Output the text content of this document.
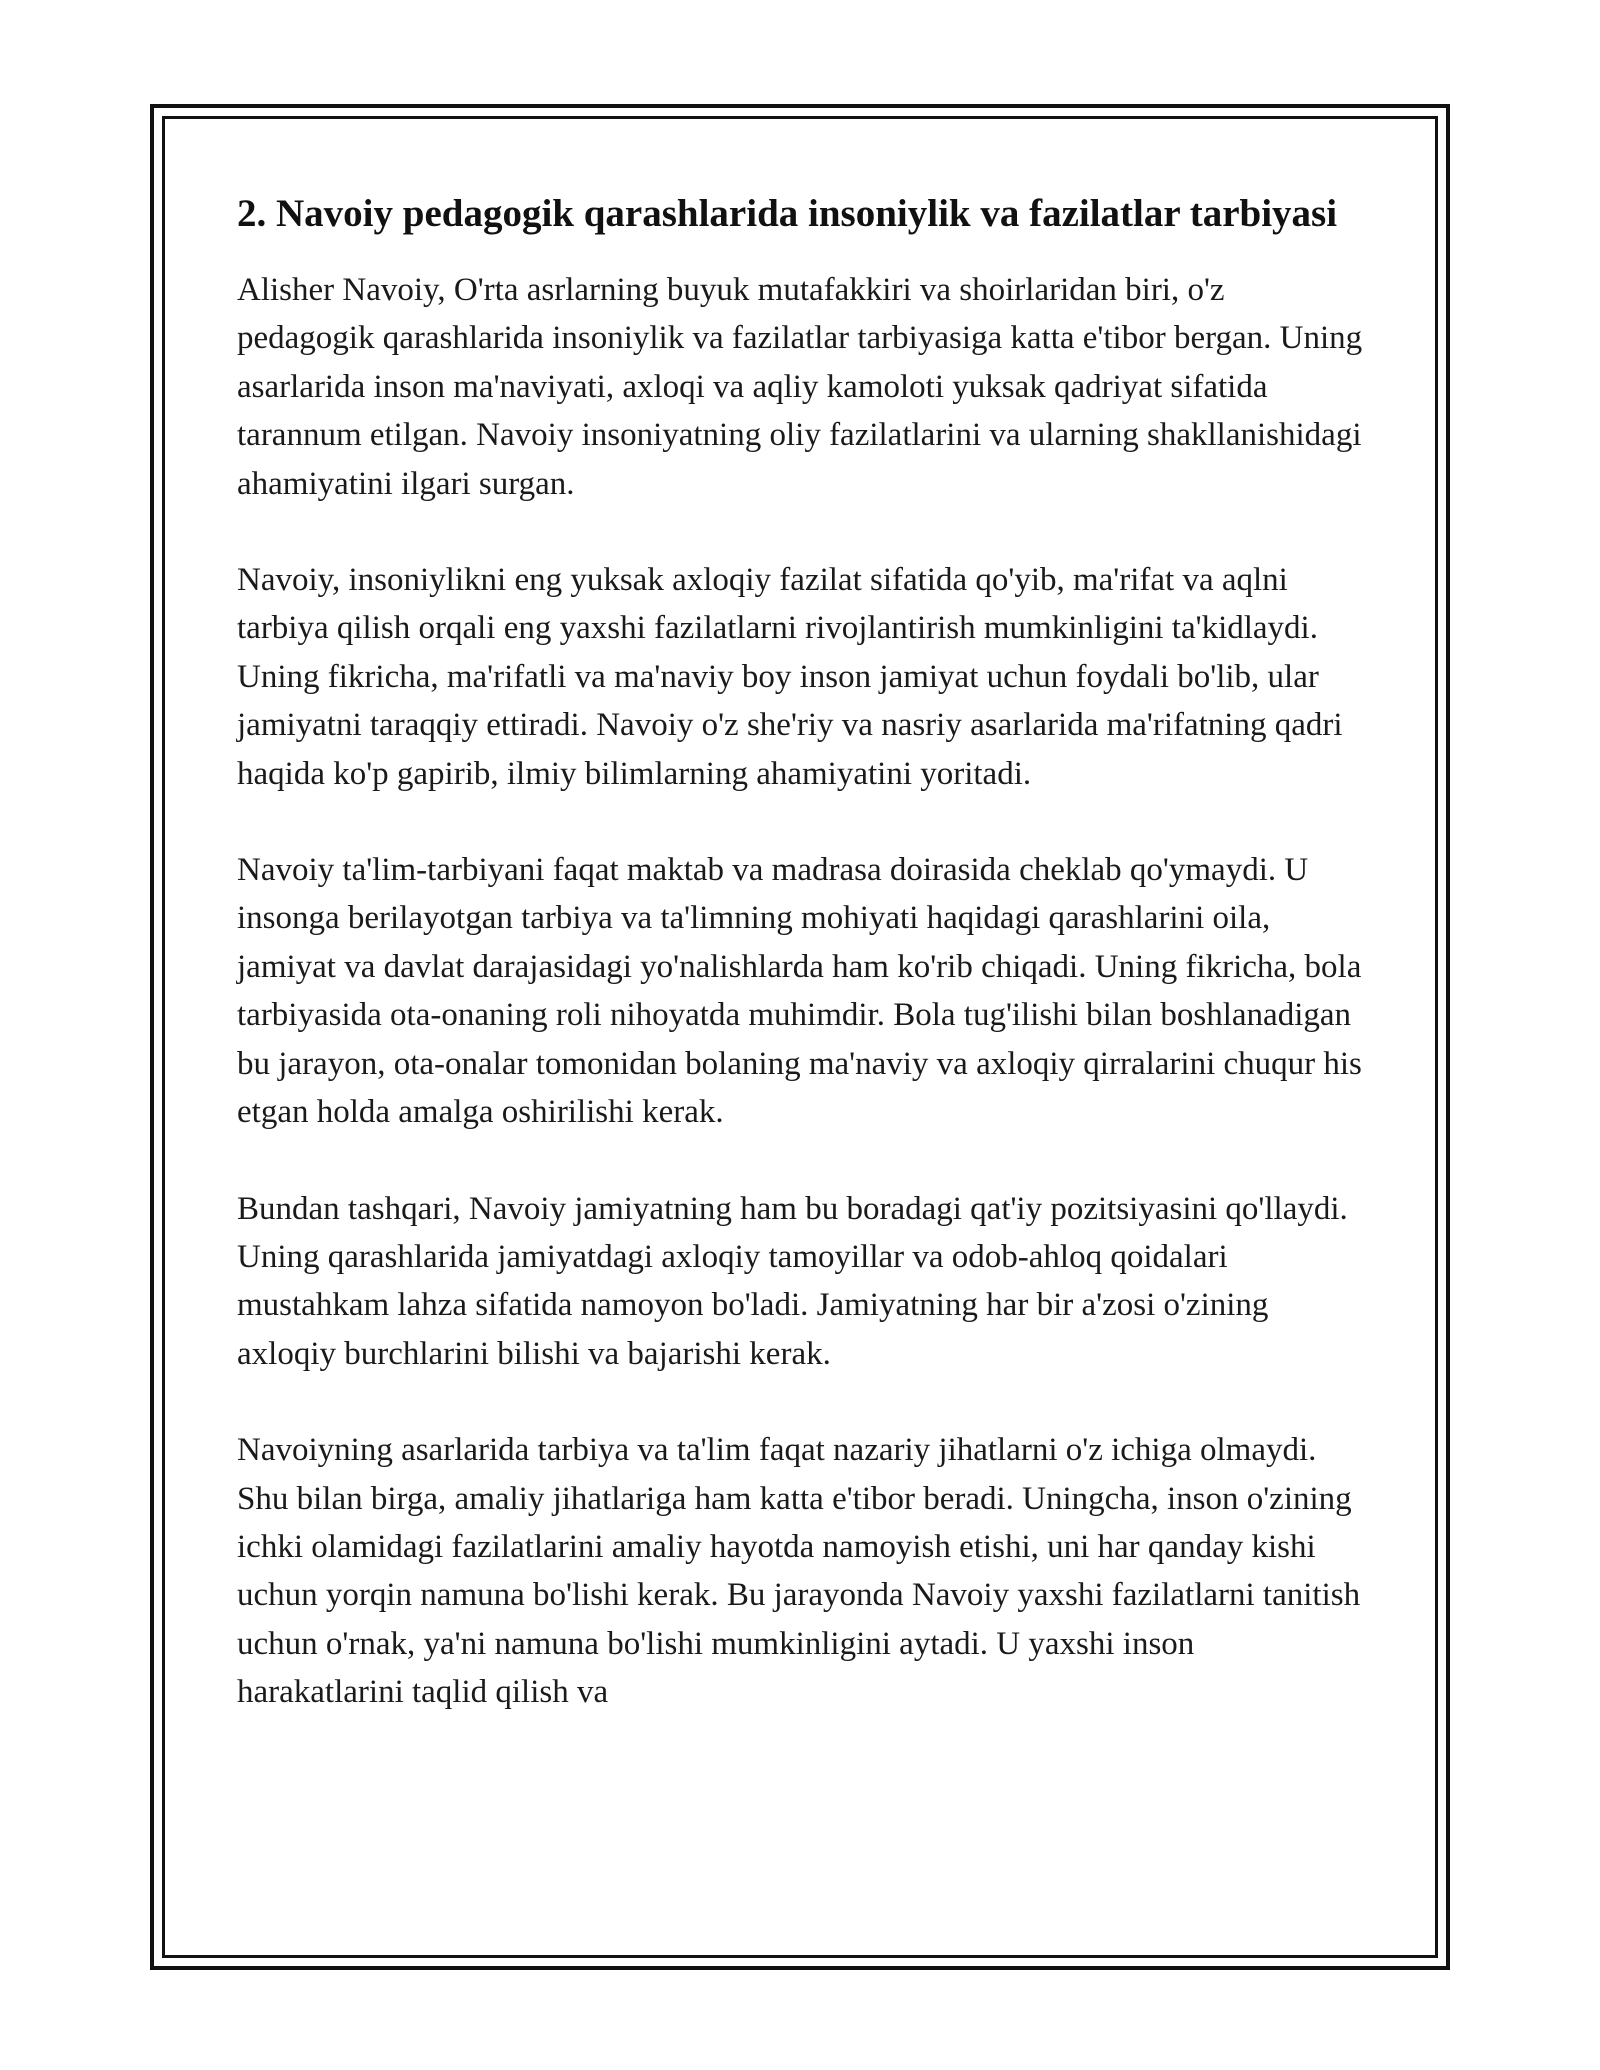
2. Navoiy pedagogik qarashlarida insoniylik va fazilatlar tarbiyasi

Alisher Navoiy, O'rta asrlarning buyuk mutafakkiri va shoirlaridan biri, o'z pedagogik qarashlarida insoniylik va fazilatlar tarbiyasiga katta e'tibor bergan. Uning asarlarida inson ma'naviyati, axloqi va aqliy kamoloti yuksak qadriyat sifatida tarannum etilgan. Navoiy insoniyatning oliy fazilatlarini va ularning shakllanishidagi ahamiyatini ilgari surgan.

Navoiy, insoniylikni eng yuksak axloqiy fazilat sifatida qo'yib, ma'rifat va aqlni tarbiya qilish orqali eng yaxshi fazilatlarni rivojlantirish mumkinligini ta'kidlaydi. Uning fikricha, ma'rifatli va ma'naviy boy inson jamiyat uchun foydali bo'lib, ular jamiyatni taraqqiy ettiradi. Navoiy o'z she'riy va nasriy asarlarida ma'rifatning qadri haqida ko'p gapirib, ilmiy bilimlarning ahamiyatini yoritadi.

Navoiy ta'lim-tarbiyani faqat maktab va madrasa doirasida cheklab qo'ymaydi. U insonga berilayotgan tarbiya va ta'limning mohiyati haqidagi qarashlarini oila, jamiyat va davlat darajasidagi yo'nalishlarda ham ko'rib chiqadi. Uning fikricha, bola tarbiyasida ota-onaning roli nihoyatda muhimdir. Bola tug'ilishi bilan boshlanadigan bu jarayon, ota-onalar tomonidan bolaning ma'naviy va axloqiy qirralarini chuqur his etgan holda amalga oshirilishi kerak.

Bundan tashqari, Navoiy jamiyatning ham bu boradagi qat'iy pozitsiyasini qo'llaydi. Uning qarashlarida jamiyatdagi axloqiy tamoyillar va odob-ahloq qoidalari mustahkam lahza sifatida namoyon bo'ladi. Jamiyatning har bir a'zosi o'zining axloqiy burchlarini bilishi va bajarishi kerak.

Navoiyning asarlarida tarbiya va ta'lim faqat nazariy jihatlarni o'z ichiga olmaydi. Shu bilan birga, amaliy jihatlariga ham katta e'tibor beradi. Uningcha, inson o'zining ichki olamidagi fazilatlarini amaliy hayotda namoyish etishi, uni har qanday kishi uchun yorqin namuna bo'lishi kerak. Bu jarayonda Navoiy yaxshi fazilatlarni tanitish uchun o'rnak, ya'ni namuna bo'lishi mumkinligini aytadi. U yaxshi inson harakatlarini taqlid qilish va
